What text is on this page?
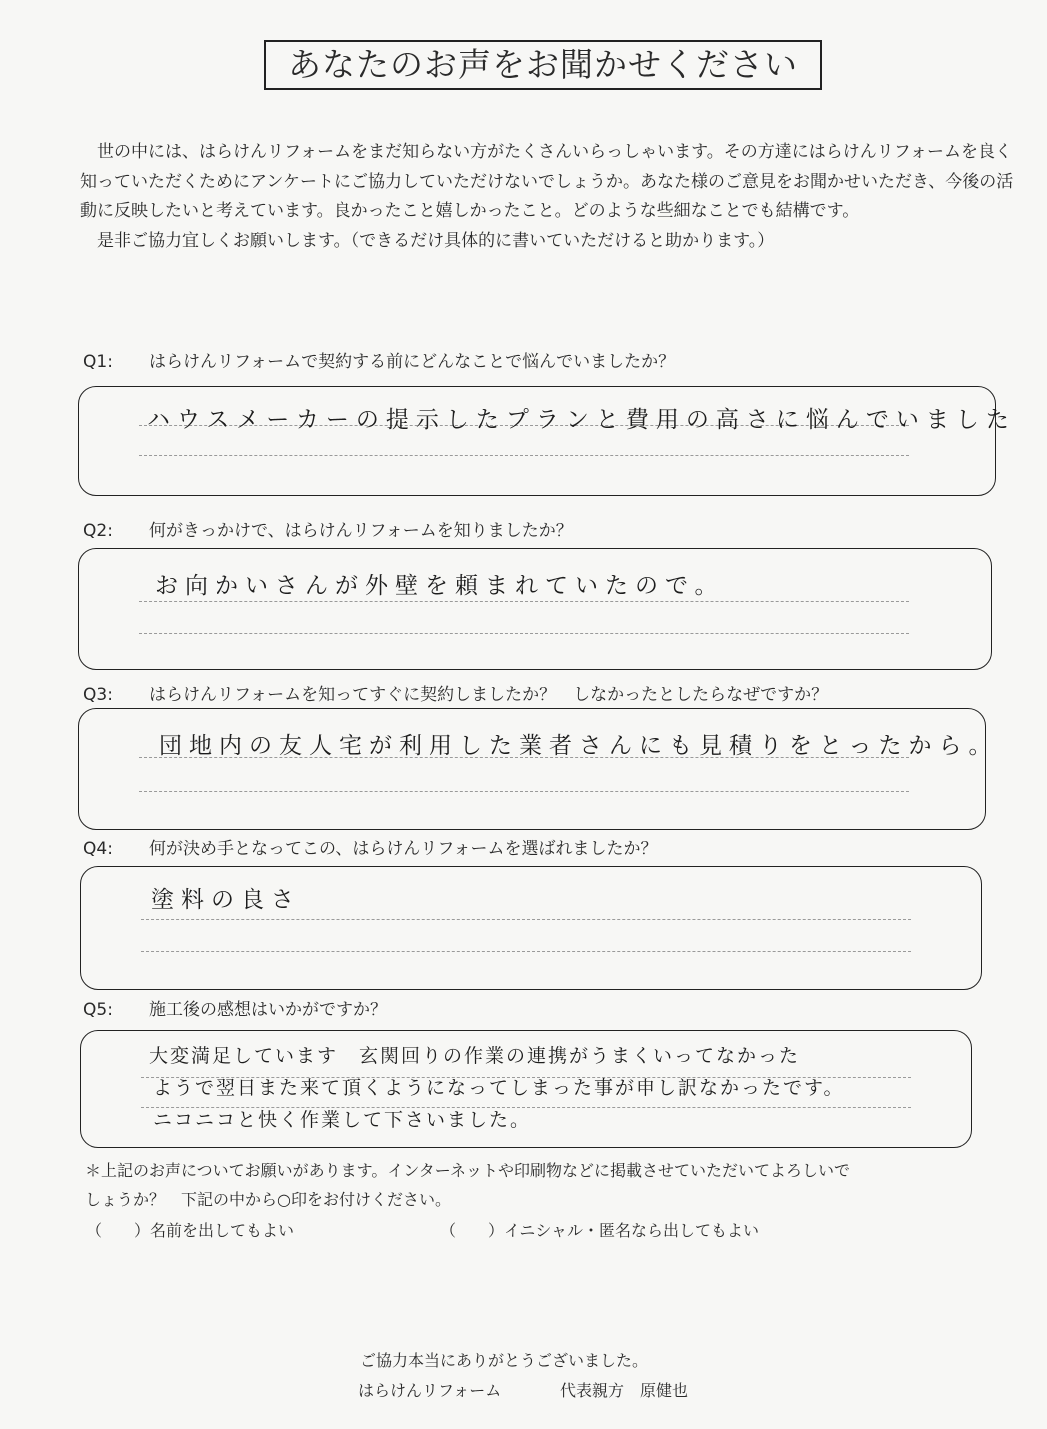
あなたのお声をお聞かせください

世の中には、はらけんリフォームをまだ知らない方がたくさんいらっしゃいます。その方達にはらけんリフォームを良く知っていただくためにアンケートにご協力していただけないでしょうか。あなた様のご意見をお聞かせいただき、今後の活動に反映したいと考えています。良かったこと嬉しかったこと。どのような些細なことでも結構です。

是非ご協力宜しくお願いします。（できるだけ具体的に書いていただけると助かります。）

Q1: はらけんリフォームで契約する前にどんなことで悩んでいましたか？
ハウスメーカーの提示したプランと費用の高さに悩んでいました
Q2: 何がきっかけで、はらけんリフォームを知りましたか？
お向かいさんが外壁を頼まれていたので。
Q3: はらけんリフォームを知ってすぐに契約しましたか？　しなかったとしたらなぜですか？
団地内の友人宅が利用した業者さんにも見積りをとったから。
Q4: 何が決め手となってこの、はらけんリフォームを選ばれましたか？
塗料の良さ
Q5: 施工後の感想はいかがですか？
大変満足しています　玄関回りの作業の連携がうまくいってなかった
ようで翌日また来て頂くようになってしまった事が申し訳なかったです。
ニコニコと快く作業して下さいました。

＊上記のお声についてお願いがあります。インターネットや印刷物などに掲載させていただいてよろしいで

しょうか？　下記の中から○印をお付けください。

（　　）名前を出してもよい	（　　）イニシャル・匿名なら出してもよい
ご協力本当にありがとうございました。
はらけんリフォーム	代表親方　原健也
